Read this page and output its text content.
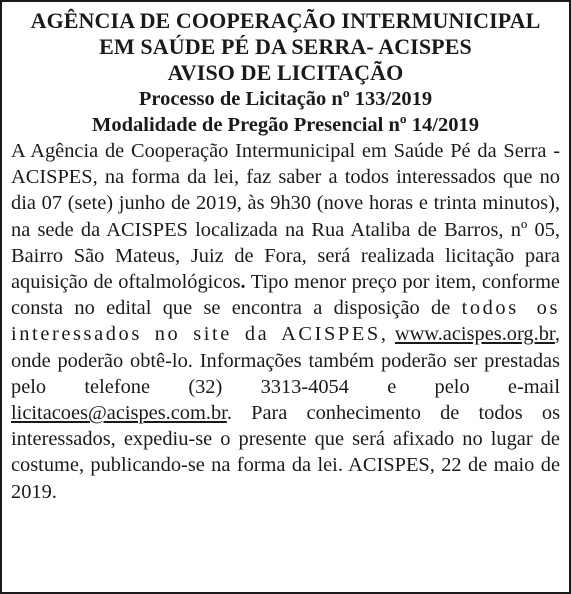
AGÊNCIA DE COOPERAÇÃO INTERMUNICIPAL

EM SAÚDE PÉ DA SERRA- ACISPES

AVISO DE LICITAÇÃO

Processo de Licitação nº 133/2019

Modalidade de Pregão Presencial nº 14/2019

A Agência de Cooperação Intermunicipal em Saúde Pé da Serra - ACISPES, na forma da lei, faz saber a todos interessados que no dia 07 (sete) junho de 2019, às 9h30 (nove horas e trinta minutos), na sede da ACISPES localizada na Rua Ataliba de Barros, nº 05, Bairro São Mateus, Juiz de Fora, será realizada licitação para aquisição de oftalmológicos. Tipo menor preço por item, conforme consta no edital que se encontra a disposição de todos os interessados no site da ACISPES, www.acispes.org.br, onde poderão obtê-lo. Informações também poderão ser prestadas pelo telefone (32) 3313-4054 e pelo e-mail licitacoes@acispes.com.br. Para conhecimento de todos os interessados, expediu-se o presente que será afixado no lugar de costume, publicando-se na forma da lei. ACISPES, 22 de maio de 2019.
